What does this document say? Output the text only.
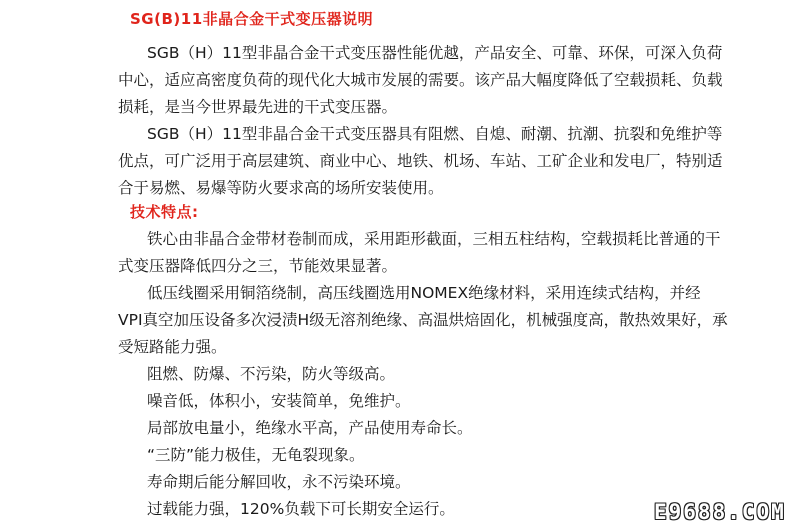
SG(B)11非晶合金干式变压器说明
SGB（H）11型非晶合金干式变压器性能优越，产品安全、可靠、环保，可深入负荷
中心，适应高密度负荷的现代化大城市发展的需要。该产品大幅度降低了空载损耗、负载
损耗，是当今世界最先进的干式变压器。
SGB（H）11型非晶合金干式变压器具有阻燃、自熄、耐潮、抗潮、抗裂和免维护等
优点，可广泛用于高层建筑、商业中心、地铁、机场、车站、工矿企业和发电厂，特别适
合于易燃、易爆等防火要求高的场所安装使用。
技术特点:
铁心由非晶合金带材卷制而成，采用距形截面，三相五柱结构，空载损耗比普通的干
式变压器降低四分之三，节能效果显著。
低压线圈采用铜箔绕制，高压线圈选用NOMEX绝缘材料，采用连续式结构，并经
VPI真空加压设备多次浸渍H级无溶剂绝缘、高温烘焙固化，机械强度高，散热效果好，承
受短路能力强。
阻燃、防爆、不污染，防火等级高。
噪音低，体积小，安装简单，免维护。
局部放电量小，绝缘水平高，产品使用寿命长。
“三防”能力极佳，无龟裂现象。
寿命期后能分解回收，永不污染环境。
过载能力强，120%负载下可长期安全运行。	E9688.COM
